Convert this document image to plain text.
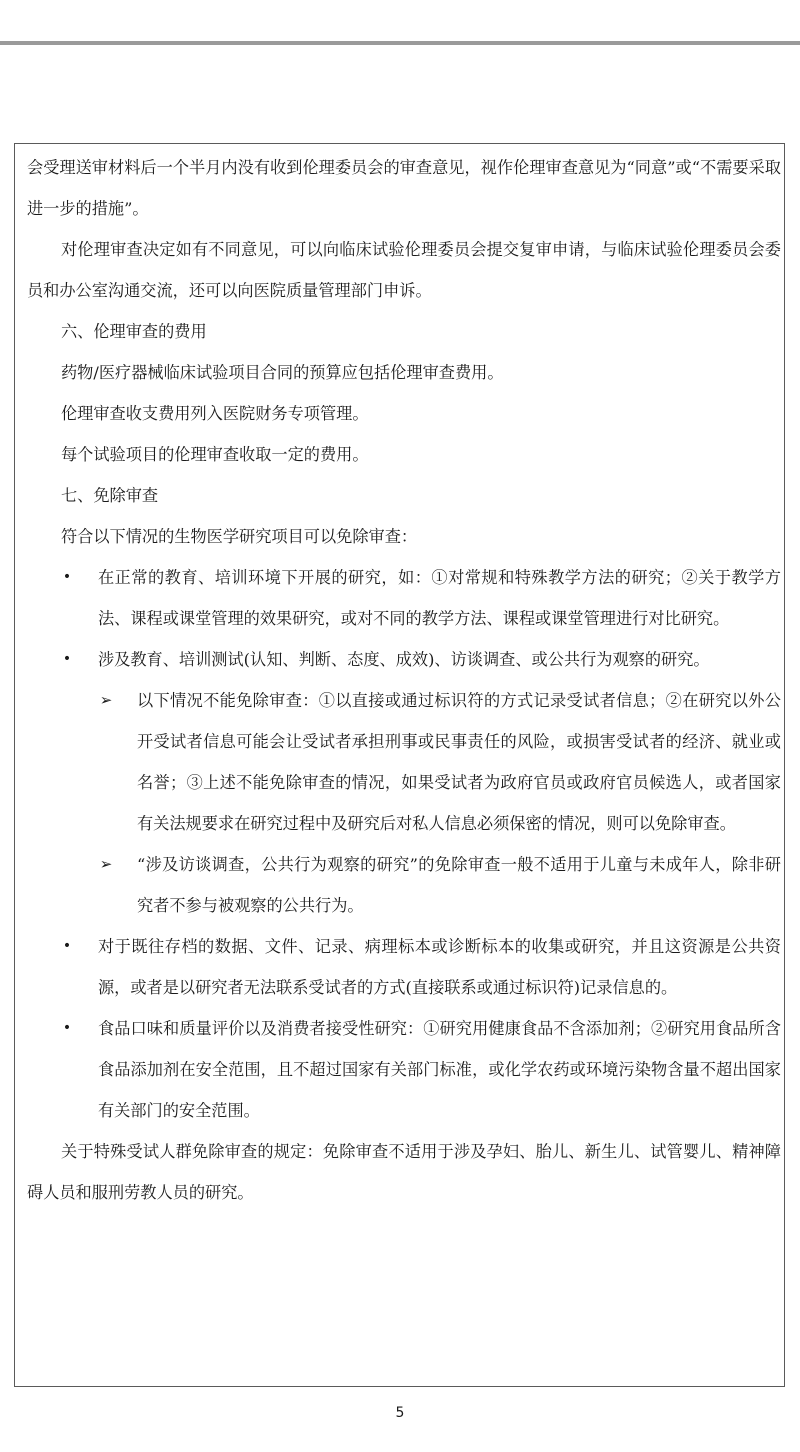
会受理送审材料后一个半月内没有收到伦理委员会的审查意见，视作伦理审查意见为“同意”或“不需要采取进一步的措施”。

对伦理审查决定如有不同意见，可以向临床试验伦理委员会提交复审申请，与临床试验伦理委员会委员和办公室沟通交流，还可以向医院质量管理部门申诉。

六、伦理审查的费用

药物/医疗器械临床试验项目合同的预算应包括伦理审查费用。

伦理审查收支费用列入医院财务专项管理。

每个试验项目的伦理审查收取一定的费用。

七、免除审查

符合以下情况的生物医学研究项目可以免除审查：

• 在正常的教育、培训环境下开展的研究，如：①对常规和特殊教学方法的研究；②关于教学方法、课程或课堂管理的效果研究，或对不同的教学方法、课程或课堂管理进行对比研究。
• 涉及教育、培训测试(认知、判断、态度、成效)、访谈调查、或公共行为观察的研究。
➢ 以下情况不能免除审查：①以直接或通过标识符的方式记录受试者信息；②在研究以外公开受试者信息可能会让受试者承担刑事或民事责任的风险，或损害受试者的经济、就业或名誉；③上述不能免除审查的情况，如果受试者为政府官员或政府官员候选人，或者国家有关法规要求在研究过程中及研究后对私人信息必须保密的情况，则可以免除审查。
➢ “涉及访谈调查，公共行为观察的研究”的免除审查一般不适用于儿童与未成年人，除非研究者不参与被观察的公共行为。
• 对于既往存档的数据、文件、记录、病理标本或诊断标本的收集或研究，并且这资源是公共资源，或者是以研究者无法联系受试者的方式(直接联系或通过标识符)记录信息的。
• 食品口味和质量评价以及消费者接受性研究：①研究用健康食品不含添加剂；②研究用食品所含食品添加剂在安全范围，且不超过国家有关部门标准，或化学农药或环境污染物含量不超出国家有关部门的安全范围。

关于特殊受试人群免除审查的规定：免除审查不适用于涉及孕妇、胎儿、新生儿、试管婴儿、精神障碍人员和服刑劳教人员的研究。

5
